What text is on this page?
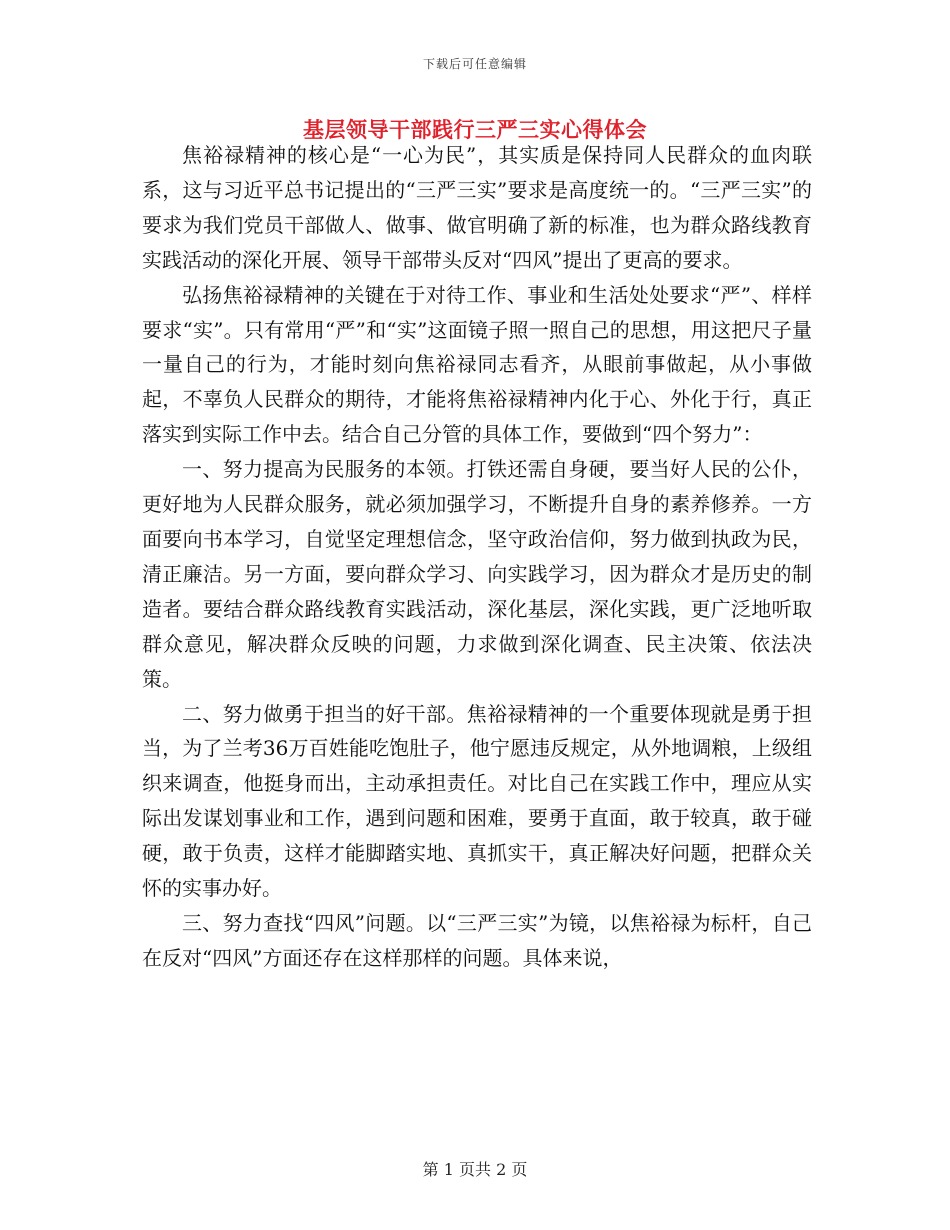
下载后可任意编辑
基层领导干部践行三严三实心得体会

焦裕禄精神的核心是“一心为民”，其实质是保持同人民群众的血肉联系，这与习近平总书记提出的“三严三实”要求是高度统一的。“三严三实”的要求为我们党员干部做人、做事、做官明确了新的标准，也为群众路线教育实践活动的深化开展、领导干部带头反对“四风”提出了更高的要求。

弘扬焦裕禄精神的关键在于对待工作、事业和生活处处要求“严”、样样要求“实”。只有常用“严”和“实”这面镜子照一照自己的思想，用这把尺子量一量自己的行为，才能时刻向焦裕禄同志看齐，从眼前事做起，从小事做起，不辜负人民群众的期待，才能将焦裕禄精神内化于心、外化于行，真正落实到实际工作中去。结合自己分管的具体工作，要做到“四个努力”：

一、努力提高为民服务的本领。打铁还需自身硬，要当好人民的公仆，更好地为人民群众服务，就必须加强学习，不断提升自身的素养修养。一方面要向书本学习，自觉坚定理想信念，坚守政治信仰，努力做到执政为民，清正廉洁。另一方面，要向群众学习、向实践学习，因为群众才是历史的制造者。要结合群众路线教育实践活动，深化基层，深化实践，更广泛地听取群众意见，解决群众反映的问题，力求做到深化调查、民主决策、依法决策。

二、努力做勇于担当的好干部。焦裕禄精神的一个重要体现就是勇于担当，为了兰考36万百姓能吃饱肚子，他宁愿违反规定，从外地调粮，上级组织来调查，他挺身而出，主动承担责任。对比自己在实践工作中，理应从实际出发谋划事业和工作，遇到问题和困难，要勇于直面，敢于较真，敢于碰硬，敢于负责，这样才能脚踏实地、真抓实干，真正解决好问题，把群众关怀的实事办好。

三、努力查找“四风”问题。以“三严三实”为镜，以焦裕禄为标杆，自己在反对“四风”方面还存在这样那样的问题。具体来说，

第 1 页共 2 页
